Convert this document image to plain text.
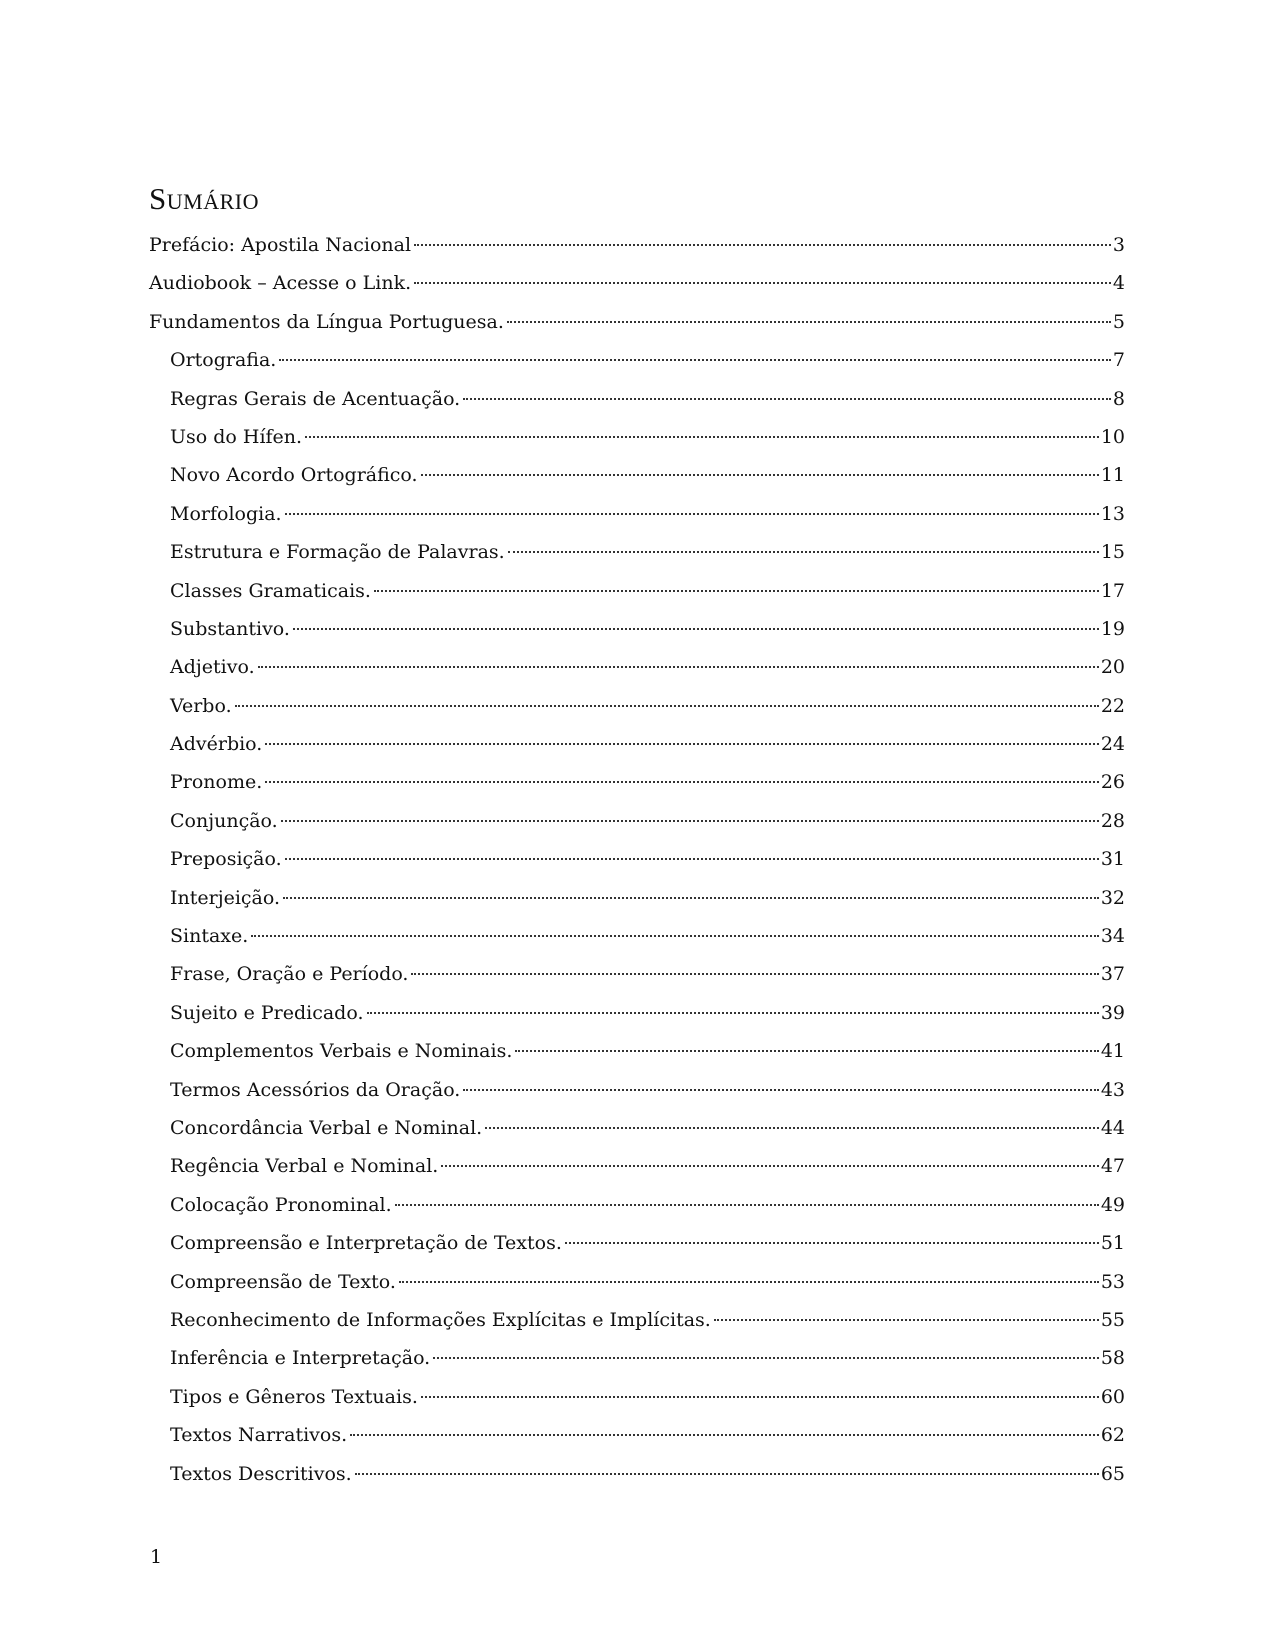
Sumário
Prefácio: Apostila Nacional	3
Audiobook – Acesse o Link.	4
Fundamentos da Língua Portuguesa.	5
Ortografia.	7
Regras Gerais de Acentuação.	8
Uso do Hífen.	10
Novo Acordo Ortográfico.	11
Morfologia.	13
Estrutura e Formação de Palavras.	15
Classes Gramaticais.	17
Substantivo.	19
Adjetivo.	20
Verbo.	22
Advérbio.	24
Pronome.	26
Conjunção.	28
Preposição.	31
Interjeição.	32
Sintaxe.	34
Frase, Oração e Período.	37
Sujeito e Predicado.	39
Complementos Verbais e Nominais.	41
Termos Acessórios da Oração.	43
Concordância Verbal e Nominal.	44
Regência Verbal e Nominal.	47
Colocação Pronominal.	49
Compreensão e Interpretação de Textos.	51
Compreensão de Texto.	53
Reconhecimento de Informações Explícitas e Implícitas.	55
Inferência e Interpretação.	58
Tipos e Gêneros Textuais.	60
Textos Narrativos.	62
Textos Descritivos.	65
1
